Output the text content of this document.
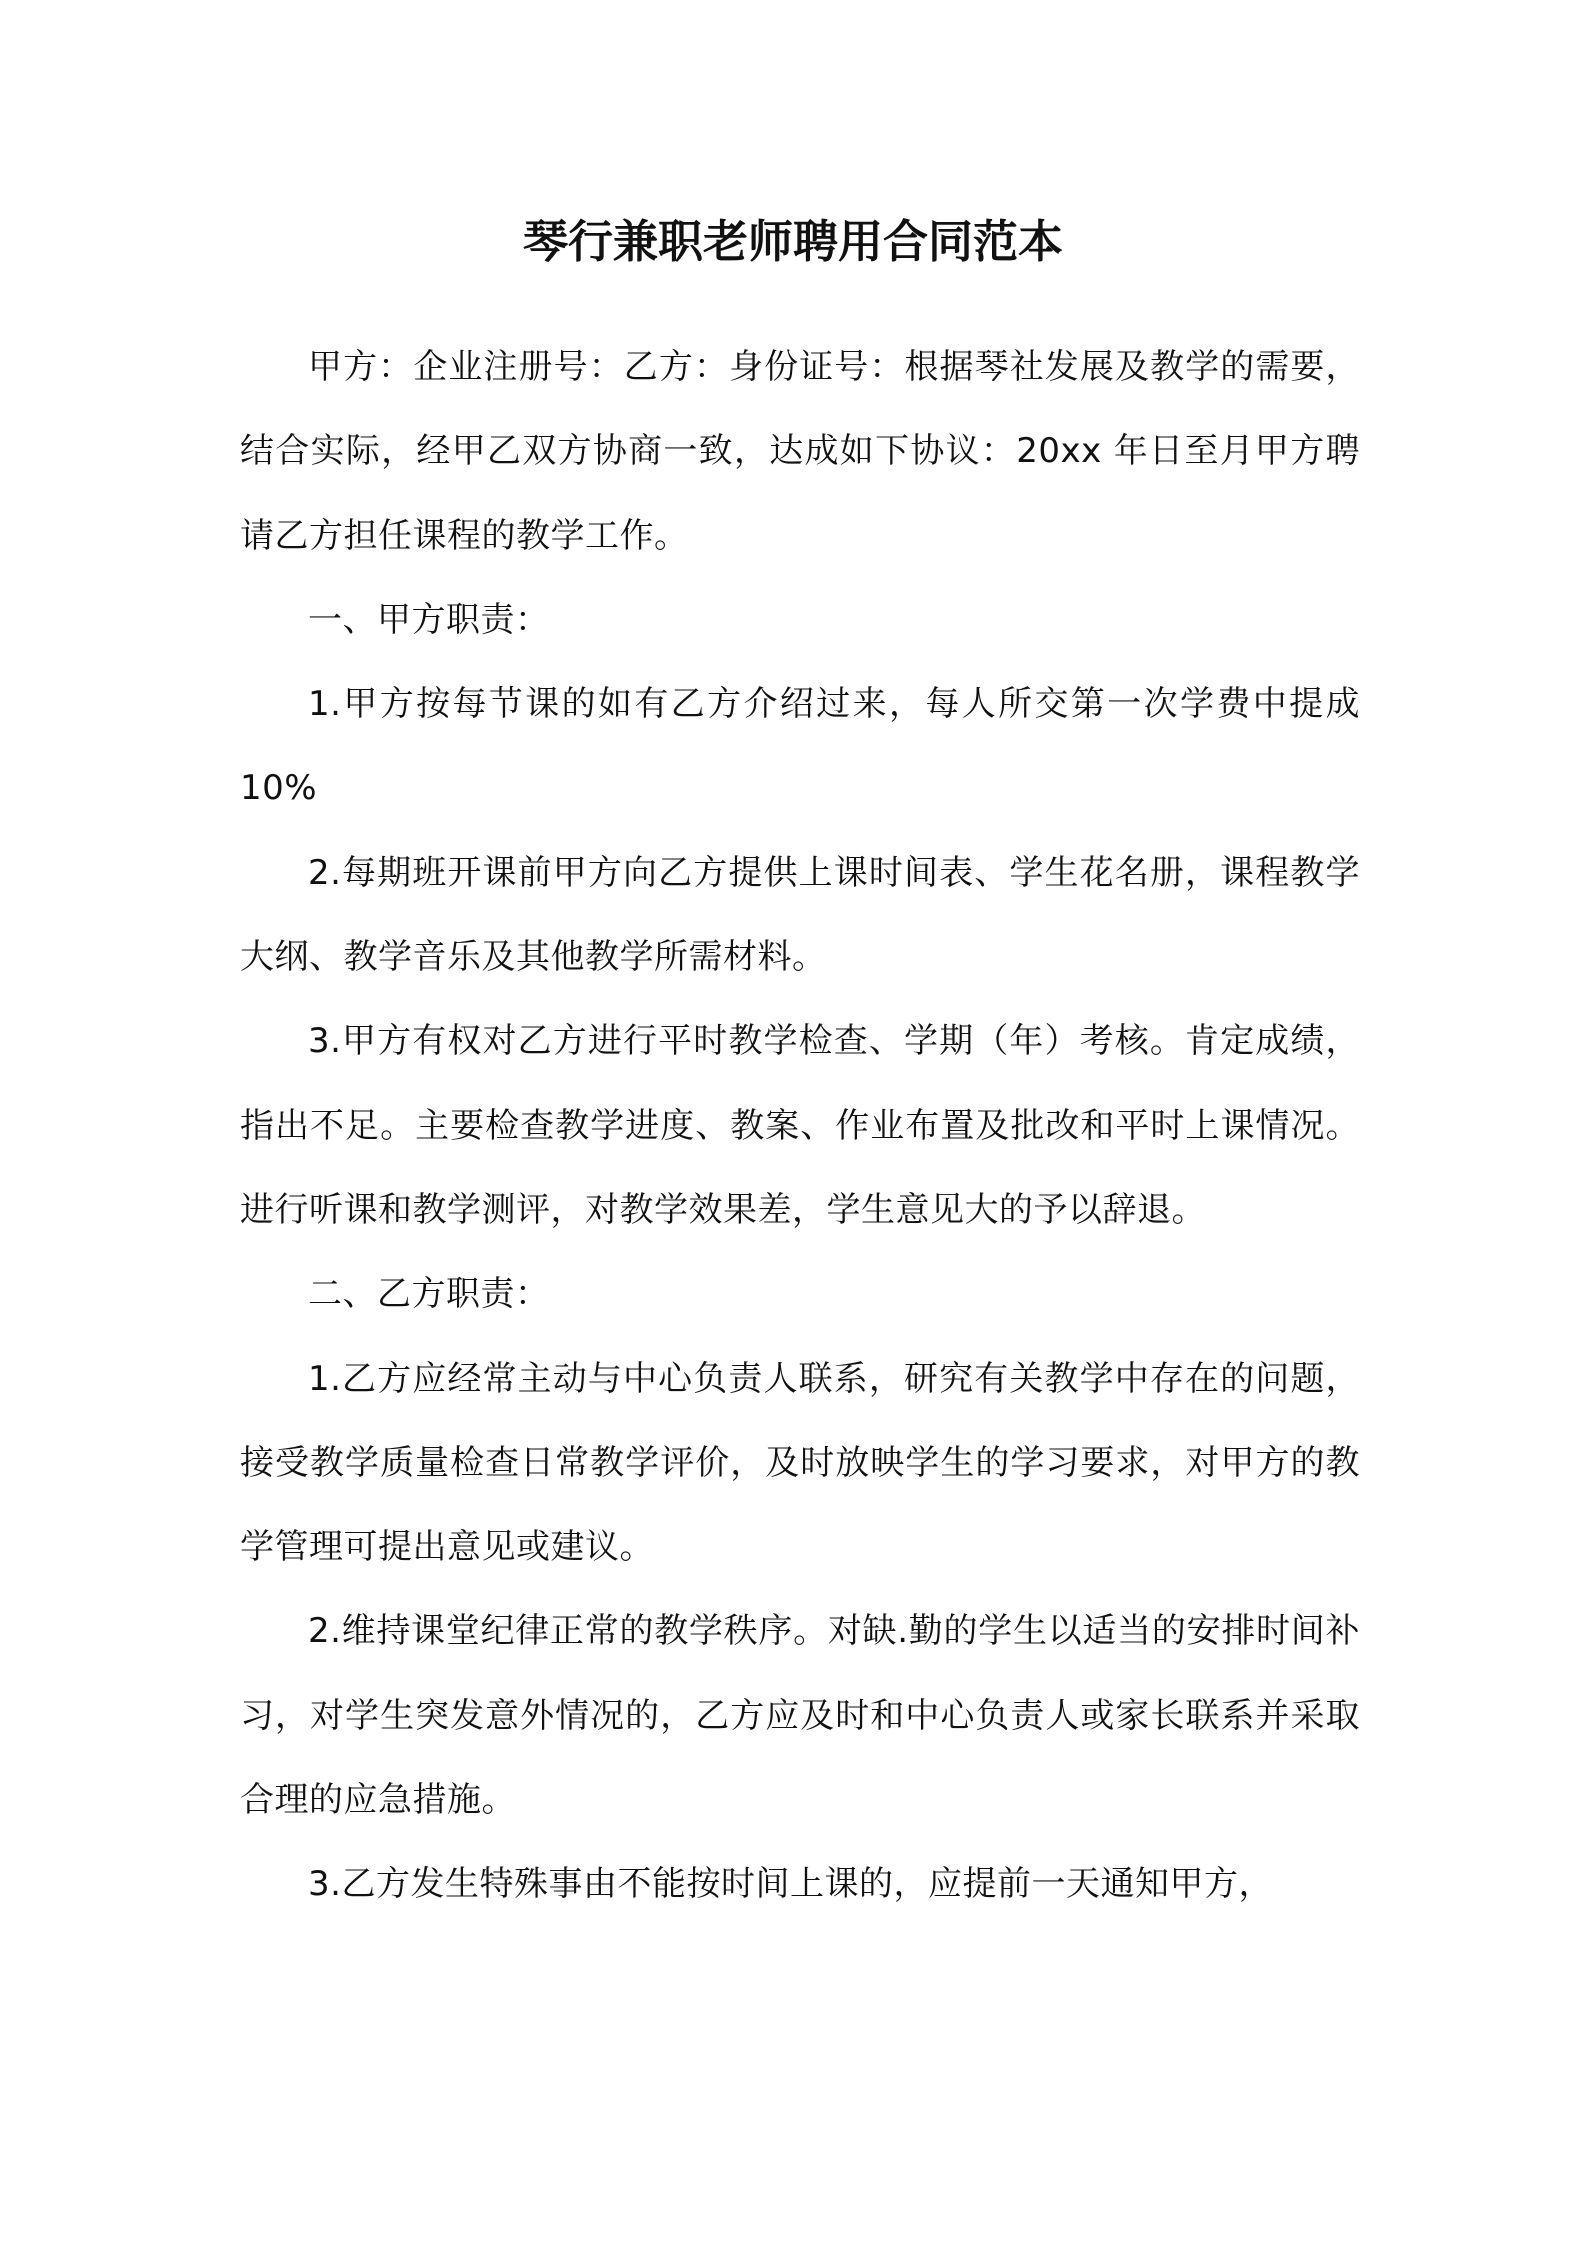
琴行兼职老师聘用合同范本

甲方：企业注册号：乙方：身份证号：根据琴社发展及教学的需要，结合实际，经甲乙双方协商一致，达成如下协议：20xx 年日至月甲方聘请乙方担任课程的教学工作。

一、甲方职责：

1.甲方按每节课的如有乙方介绍过来，每人所交第一次学费中提成 10%

2.每期班开课前甲方向乙方提供上课时间表、学生花名册，课程教学大纲、教学音乐及其他教学所需材料。

3.甲方有权对乙方进行平时教学检查、学期（年）考核。肯定成绩，指出不足。主要检查教学进度、教案、作业布置及批改和平时上课情况。进行听课和教学测评，对教学效果差，学生意见大的予以辞退。

二、乙方职责：

1.乙方应经常主动与中心负责人联系，研究有关教学中存在的问题，接受教学质量检查日常教学评价，及时放映学生的学习要求，对甲方的教学管理可提出意见或建议。

2.维持课堂纪律正常的教学秩序。对缺.勤的学生以适当的安排时间补习，对学生突发意外情况的，乙方应及时和中心负责人或家长联系并采取合理的应急措施。

3.乙方发生特殊事由不能按时间上课的，应提前一天通知甲方，
